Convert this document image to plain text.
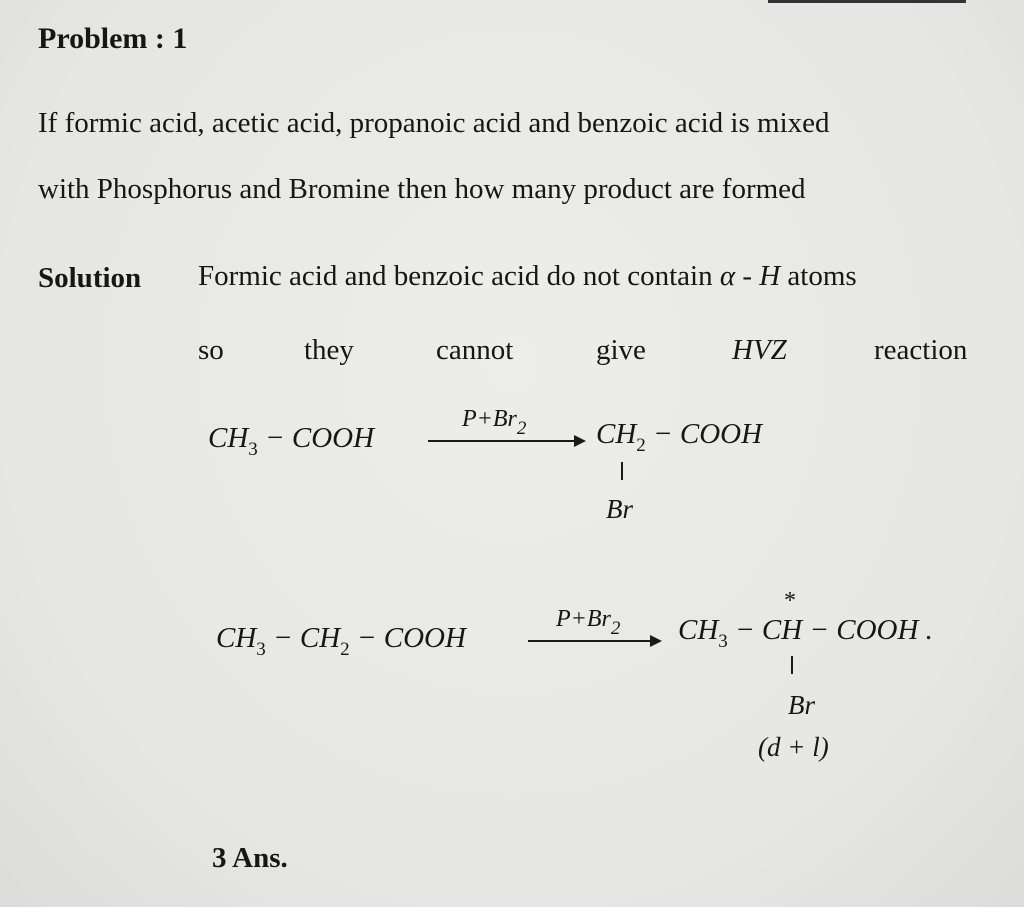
Problem : 1
If formic acid, acetic acid, propanoic acid and benzoic acid is mixed
with Phosphorus and Bromine then how many product are formed
Solution Formic acid and benzoic acid do not contain α - H atoms
so	they	cannot	give	HVZ	reaction
$CH_3$ − COOH
$P+Br_2$ $CH_2$ − COOH
Br
$CH_3 - CH_2$ − COOH
$P+Br_2$
*
$CH_3$ − CH − COOH .
Br
(d + l)
3 Ans.
